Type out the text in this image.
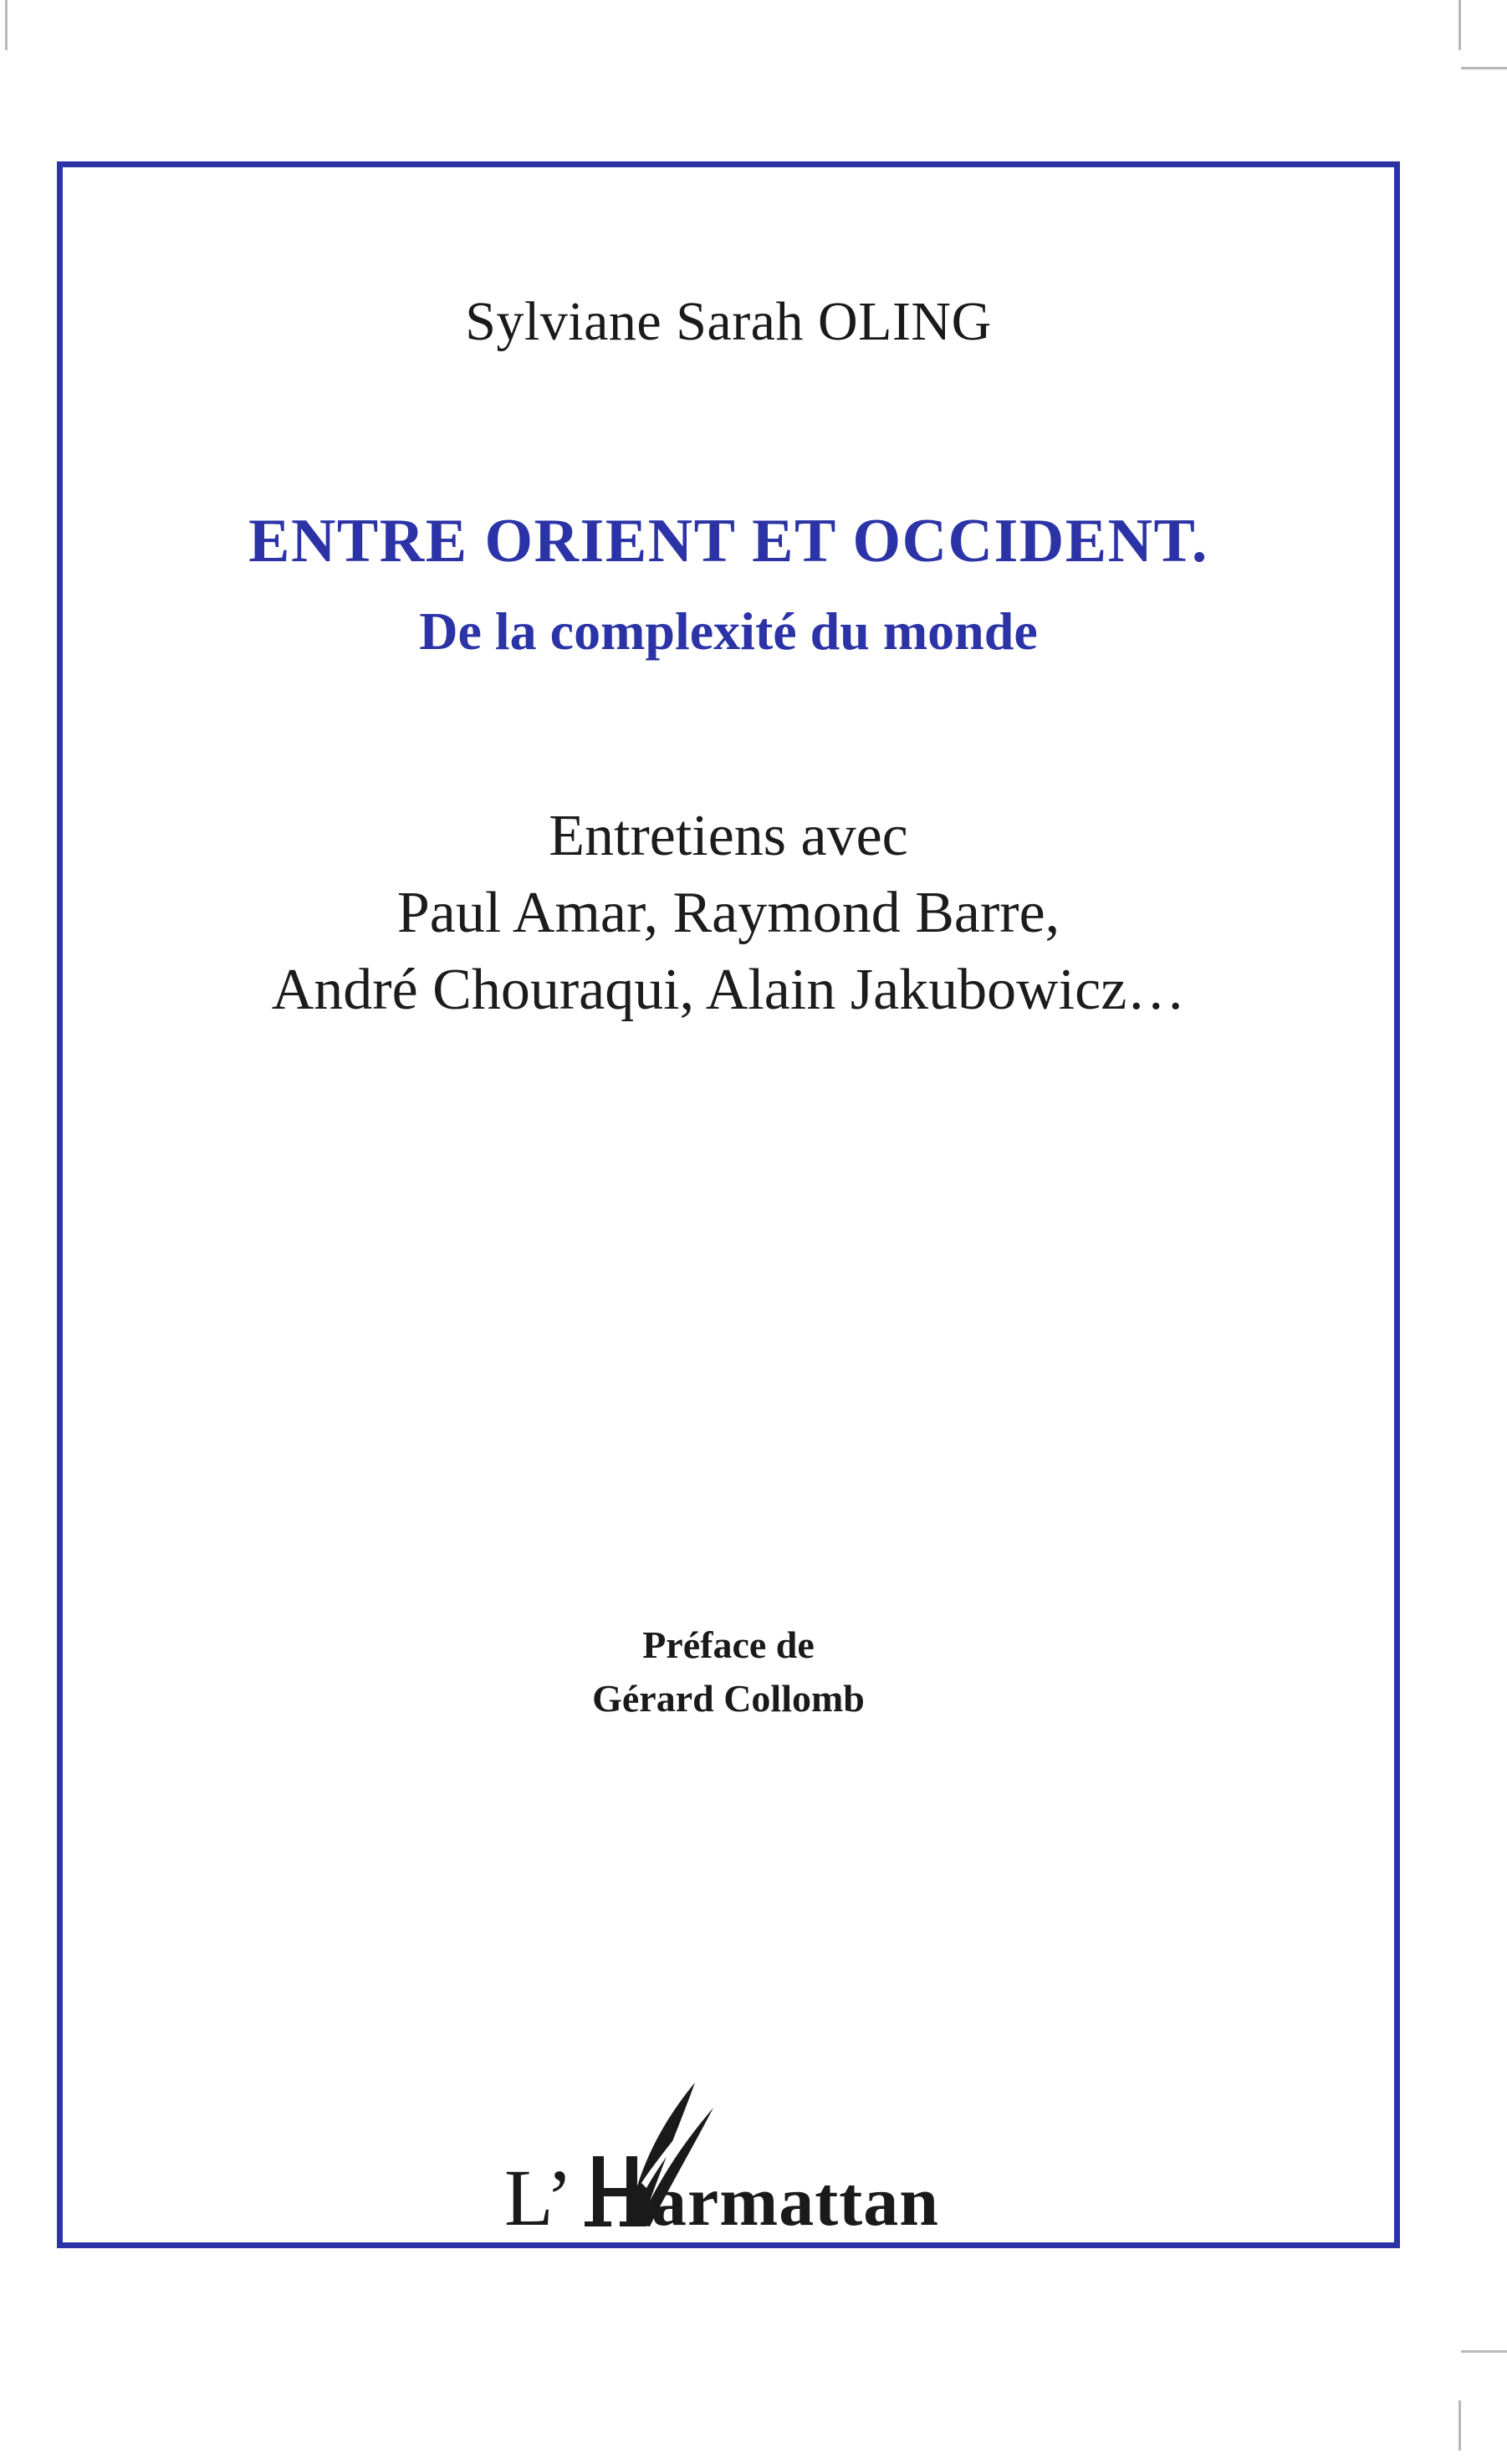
Sylviane Sarah OLING
ENTRE ORIENT ET OCCIDENT.
De la complexité du monde
Entretiens avec
Paul Amar, Raymond Barre,
André Chouraqui, Alain Jakubowicz…
Préface de
Gérard Collomb
L’ armattan
